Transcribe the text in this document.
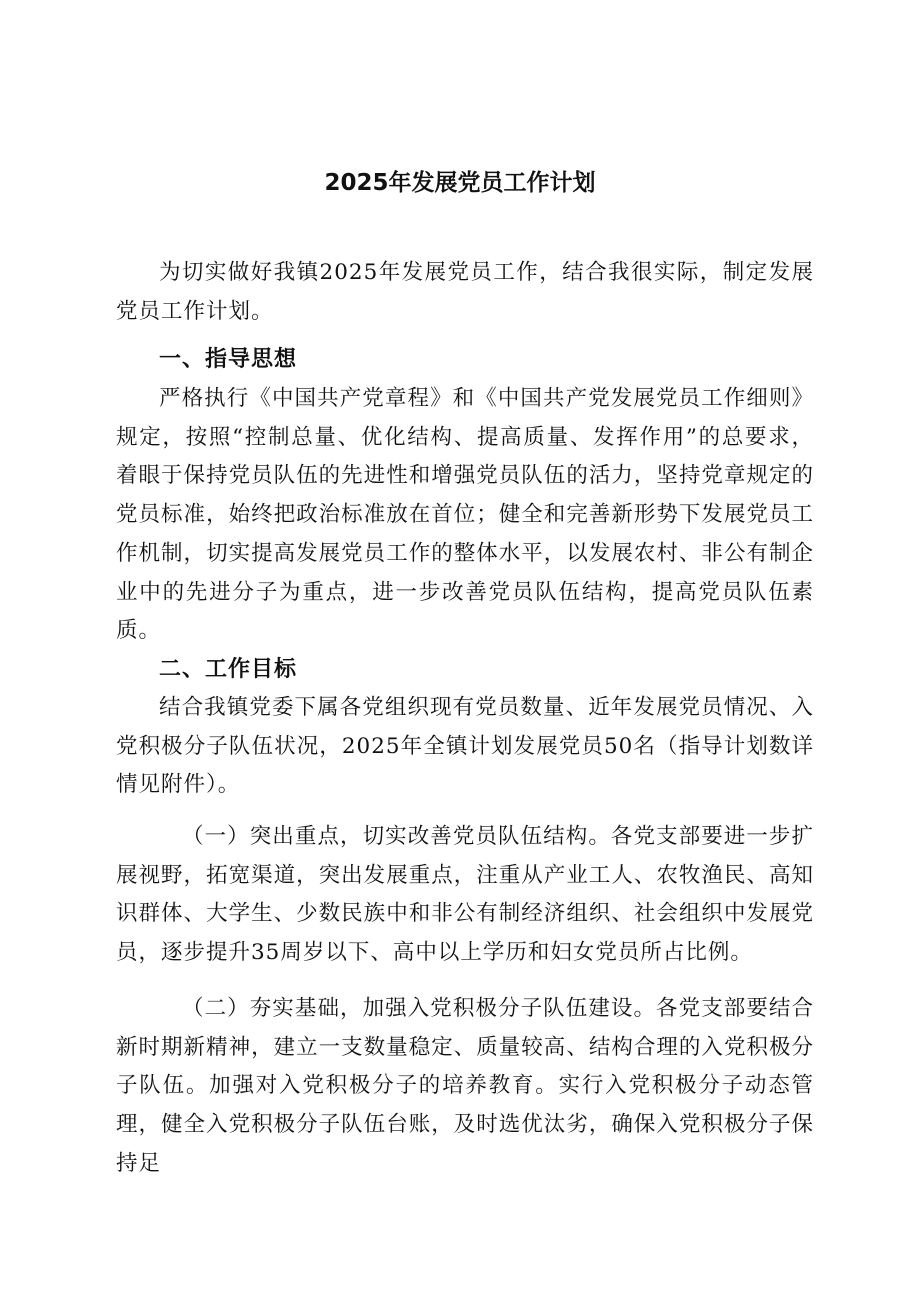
2025年发展党员工作计划

为切实做好我镇2025年发展党员工作，结合我很实际，制定发展党员工作计划。

一、指导思想

严格执行《中国共产党章程》和《中国共产党发展党员工作细则》规定，按照“控制总量、优化结构、提高质量、发挥作用”的总要求，着眼于保持党员队伍的先进性和增强党员队伍的活力，坚持党章规定的党员标准，始终把政治标准放在首位；健全和完善新形势下发展党员工作机制，切实提高发展党员工作的整体水平，以发展农村、非公有制企业中的先进分子为重点，进一步改善党员队伍结构，提高党员队伍素质。

二、工作目标

结合我镇党委下属各党组织现有党员数量、近年发展党员情况、入党积极分子队伍状况，2025年全镇计划发展党员50名（指导计划数详情见附件）。

（一）突出重点，切实改善党员队伍结构。各党支部要进一步扩展视野，拓宽渠道，突出发展重点，注重从产业工人、农牧渔民、高知识群体、大学生、少数民族中和非公有制经济组织、社会组织中发展党员，逐步提升35周岁以下、高中以上学历和妇女党员所占比例。

（二）夯实基础，加强入党积极分子队伍建设。各党支部要结合新时期新精神，建立一支数量稳定、质量较高、结构合理的入党积极分子队伍。加强对入党积极分子的培养教育。实行入党积极分子动态管理，健全入党积极分子队伍台账，及时选优汰劣，确保入党积极分子保持足
